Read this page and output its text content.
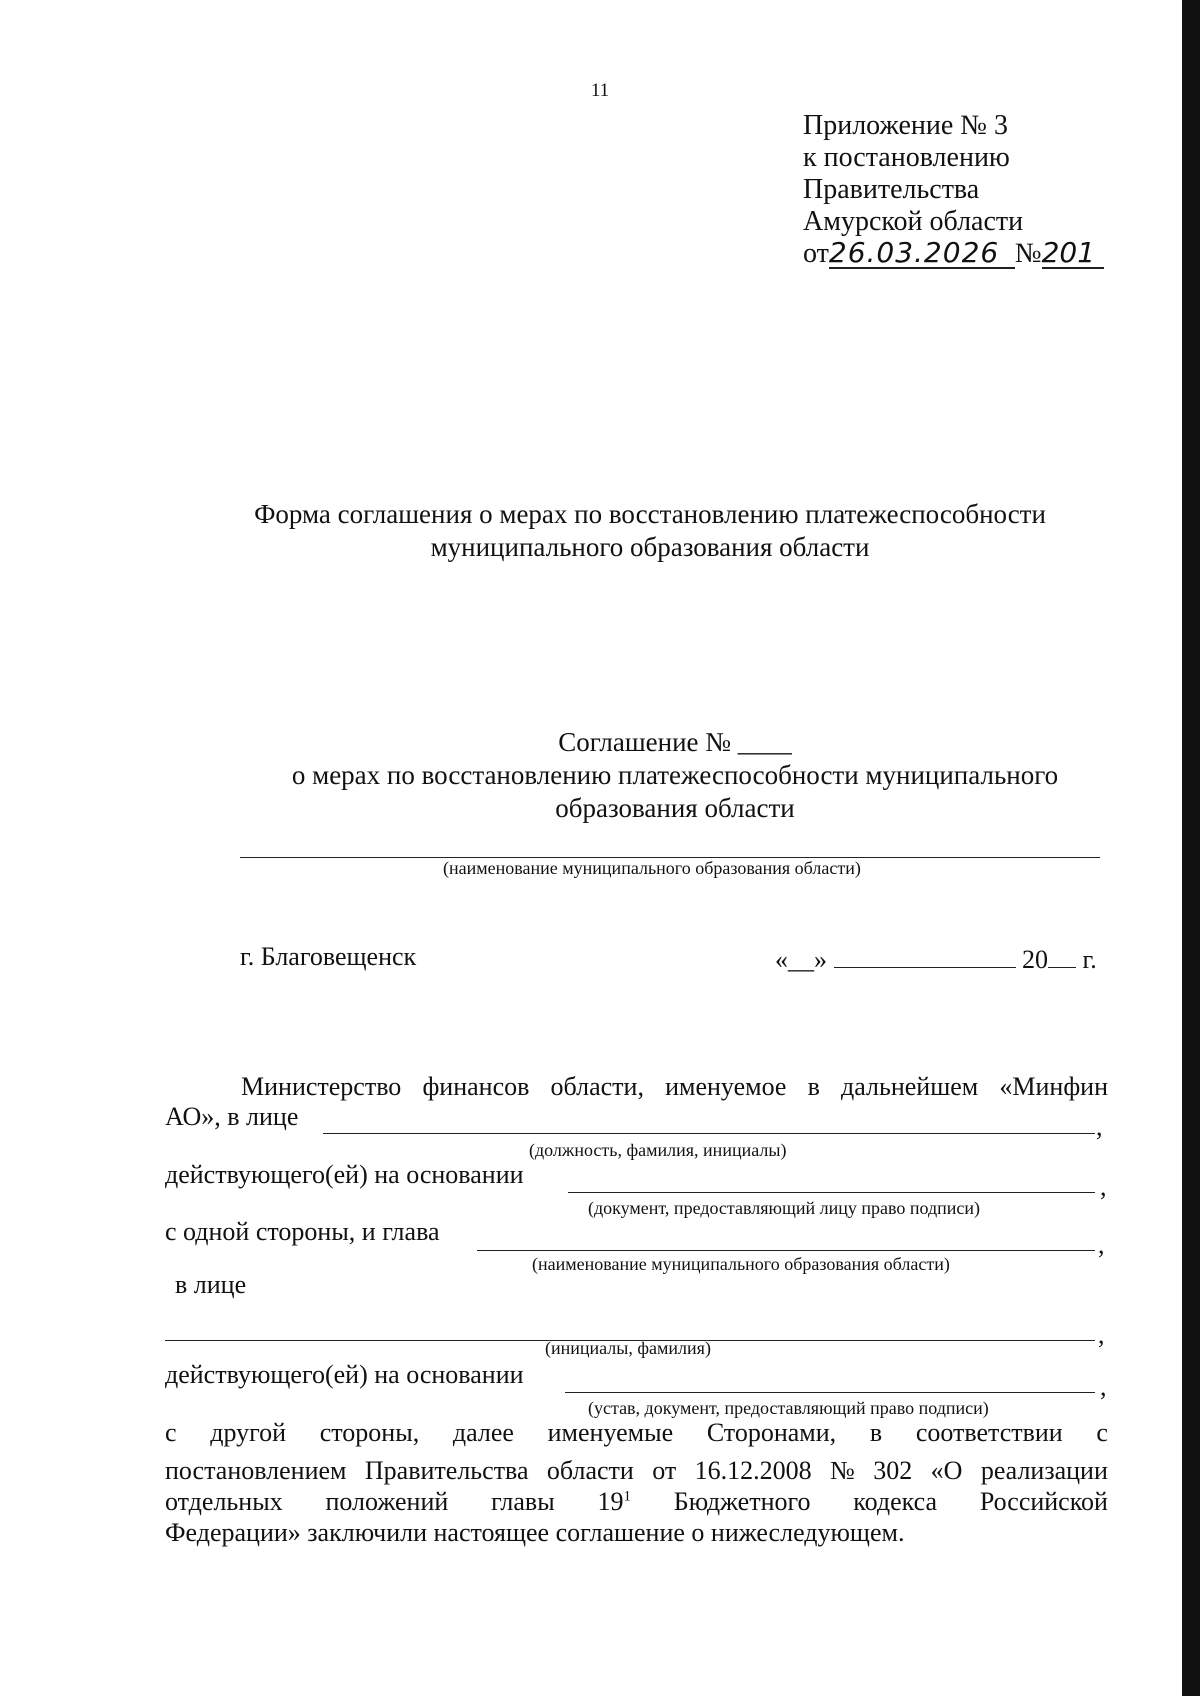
11
Приложение № 3
к постановлению
Правительства
Амурской области
от26.03.2026 №201
Форма соглашения о мерах по восстановлению платежеспособности
муниципального образования области
Соглашение № ____
о мерах по восстановлению платежеспособности муниципального
образования области
(наименование муниципального образования области)
г. Благовещенск	«__»	20 г.
Министерство финансов области, именуемое в дальнейшем «Минфин
АО», в лице	,
(должность, фамилия, инициалы)
действующего(ей) на основании	,
(документ, предоставляющий лицу право подписи)
с одной стороны, и глава	,
(наименование муниципального образования области)
в лице
,
(инициалы, фамилия)
действующего(ей) на основании	,
(устав, документ, предоставляющий право подписи)
с другой стороны, далее именуемые Сторонами, в соответствии с
постановлением Правительства области от 16.12.2008 № 302 «О реализации
отдельных положений главы $19^1$ Бюджетного кодекса Российской
Федерации» заключили настоящее соглашение о нижеследующем.
